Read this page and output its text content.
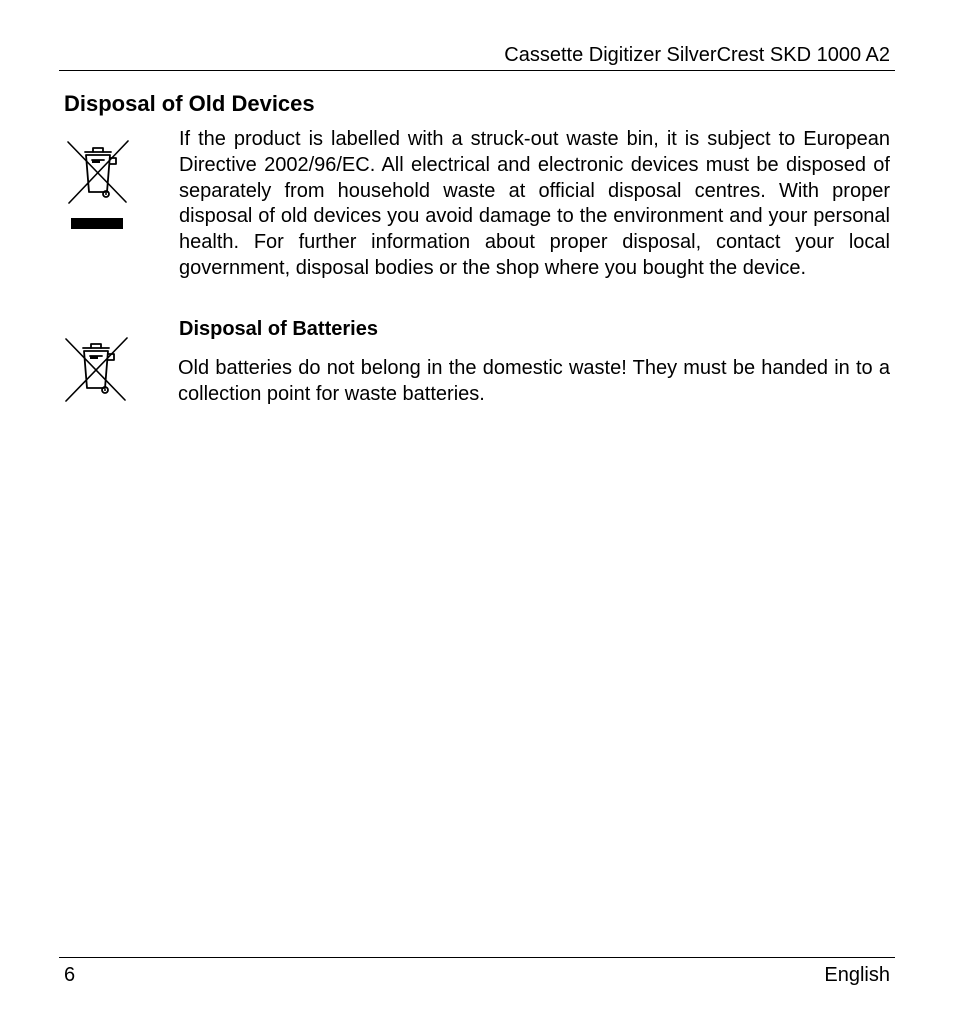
Cassette Digitizer SilverCrest SKD 1000 A2
Disposal of Old Devices

If the product is labelled with a struck-out waste bin, it is subject to European Directive 2002/96/EC. All electrical and electronic devices must be disposed of separately from household waste at official disposal centres. With proper disposal of old devices you avoid damage to the environment and your personal health. For further information about proper disposal, contact your local government, disposal bodies or the shop where you bought the device.

Disposal of Batteries

Old batteries do not belong in the domestic waste! They must be handed in to a collection point for waste batteries.

6	English
